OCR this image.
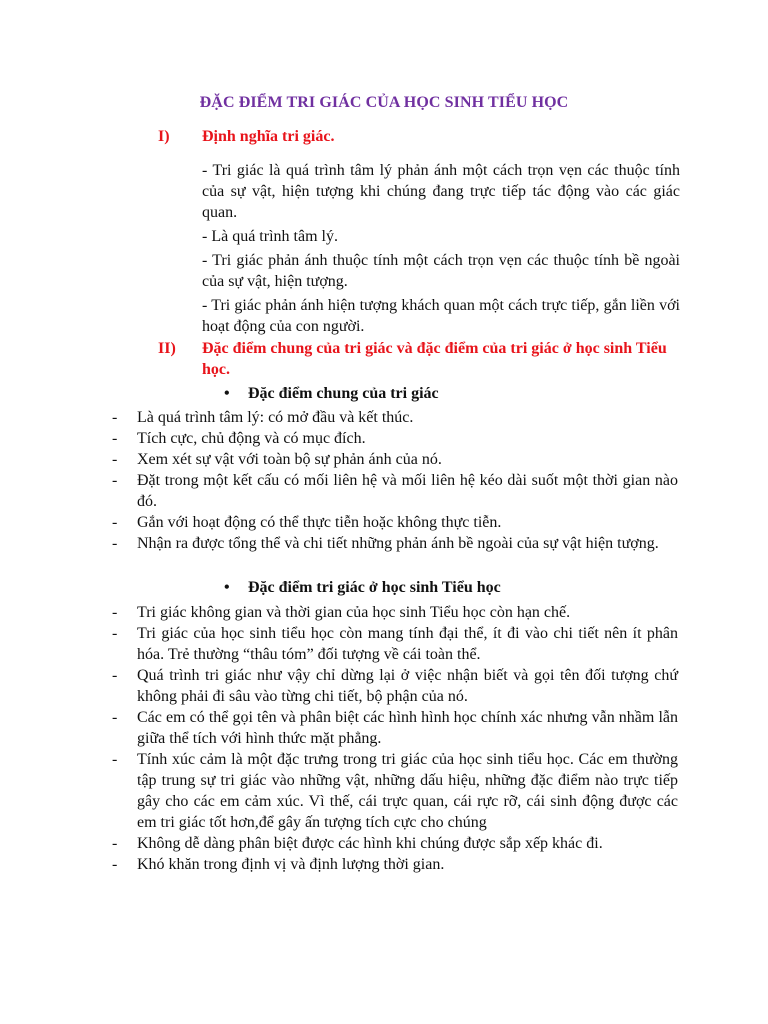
ĐẶC ĐIỂM TRI GIÁC CỦA HỌC SINH TIỂU HỌC
I) Định nghĩa tri giác.
- Tri giác là quá trình tâm lý phản ánh một cách trọn vẹn các thuộc tính của sự vật, hiện tượng khi chúng đang trực tiếp tác động vào các giác quan.
- Là quá trình tâm lý.
- Tri giác phản ánh thuộc tính một cách trọn vẹn các thuộc tính bề ngoài của sự vật, hiện tượng.
- Tri giác phản ánh hiện tượng khách quan một cách trực tiếp, gắn liền với hoạt động của con người.
II) Đặc điểm chung của tri giác và đặc điểm của tri giác ở học sinh Tiểu học.
• Đặc điểm chung của tri giác
- Là quá trình tâm lý: có mở đầu và kết thúc.
- Tích cực, chủ động và có mục đích.
- Xem xét sự vật với toàn bộ sự phản ánh của nó.
- Đặt trong một kết cấu có mối liên hệ và mối liên hệ kéo dài suốt một thời gian nào đó.
- Gắn với hoạt động có thể thực tiễn hoặc không thực tiễn.
- Nhận ra được tổng thể và chi tiết những phản ánh bề ngoài của sự vật hiện tượng.
• Đặc điểm tri giác ở học sinh Tiểu học
- Tri giác không gian và thời gian của học sinh Tiểu học còn hạn chế.
- Tri giác của học sinh tiểu học còn mang tính đại thể, ít đi vào chi tiết nên ít phân hóa. Trẻ thường “thâu tóm” đối tượng về cái toàn thể.
- Quá trình tri giác như vậy chỉ dừng lại ở việc nhận biết và gọi tên đối tượng chứ không phải đi sâu vào từng chi tiết, bộ phận của nó.
- Các em có thể gọi tên và phân biệt các hình hình học chính xác nhưng vẫn nhầm lẫn giữa thể tích với hình thức mặt phẳng.
- Tính xúc cảm là một đặc trưng trong tri giác của học sinh tiểu học. Các em thường tập trung sự tri giác vào những vật, những dấu hiệu, những đặc điểm nào trực tiếp gây cho các em cảm xúc. Vì thế, cái trực quan, cái rực rỡ, cái sinh động được các em tri giác tốt hơn,để gây ấn tượng tích cực cho chúng
- Không dễ dàng phân biệt được các hình khi chúng được sắp xếp khác đi.
- Khó khăn trong định vị và định lượng thời gian.
